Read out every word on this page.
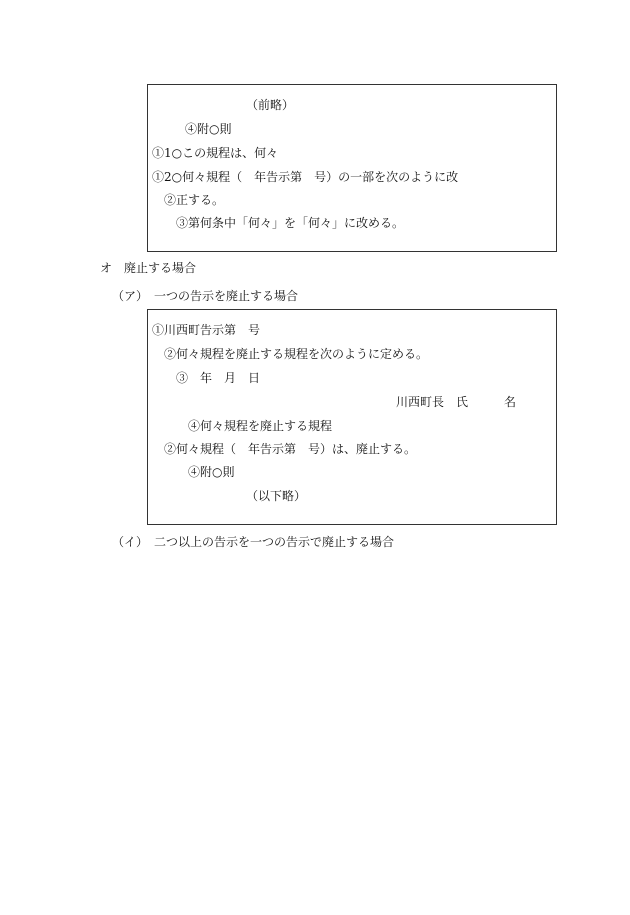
（前略）
④附○則
①1○この規程は、何々
①2○何々規程（　年告示第　号）の一部を次のように改
②正する。
③第何条中「何々」を「何々」に改める。
オ　廃止する場合
（ア）　一つの告示を廃止する場合
①川西町告示第　号
②何々規程を廃止する規程を次のように定める。
③　年　月　日
川西町長　氏　　　名
④何々規程を廃止する規程
②何々規程（　年告示第　号）は、廃止する。
④附○則
（以下略）
（イ）　二つ以上の告示を一つの告示で廃止する場合
